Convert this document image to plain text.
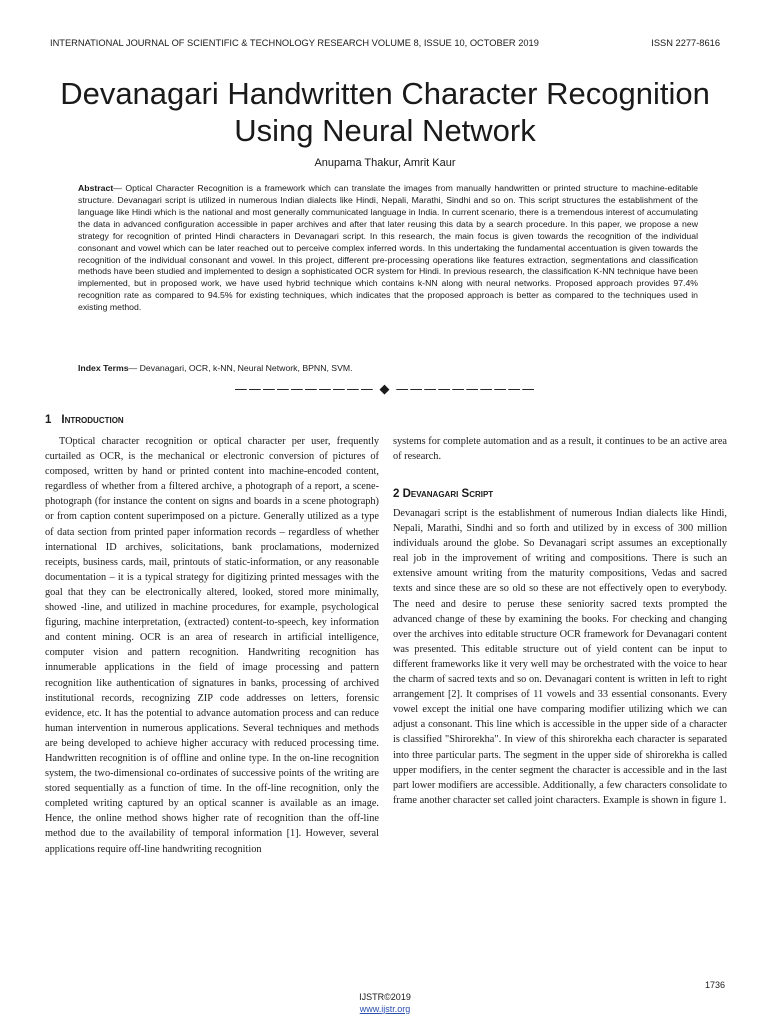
INTERNATIONAL JOURNAL OF SCIENTIFIC & TECHNOLOGY RESEARCH VOLUME 8, ISSUE 10, OCTOBER 2019	ISSN 2277-8616
Devanagari Handwritten Character Recognition
Using Neural Network
Anupama Thakur, Amrit Kaur

Abstract— Optical Character Recognition is a framework which can translate the images from manually handwritten or printed structure to machine-editable structure. Devanagari script is utilized in numerous Indian dialects like Hindi, Nepali, Marathi, Sindhi and so on. This script structures the establishment of the language like Hindi which is the national and most generally communicated language in India. In current scenario, there is a tremendous interest of accumulating the data in advanced configuration accessible in paper archives and after that later reusing this data by a search procedure. In this paper, we propose a new strategy for recognition of printed Hindi characters in Devanagari script. In this research, the main focus is given towards the recognition of the individual consonant and vowel which can be later reached out to perceive complex inferred words. In this undertaking the fundamental accentuation is given towards the recognition of the individual consonant and vowel. In this project, different pre-processing operations like features extraction, segmentations and classification methods have been studied and implemented to design a sophisticated OCR system for Hindi. In previous research, the classification K-NN technique have been implemented, but in proposed work, we have used hybrid technique which contains k-NN along with neural networks. Proposed approach provides 97.4% recognition rate as compared to 94.5% for existing techniques, which indicates that the proposed approach is better as compared to the techniques used in existing method.

Index Terms— Devanagari, OCR, k-NN, Neural Network, BPNN, SVM.

—————————— ◆ ——————————
1 Introduction

TOptical character recognition or optical character per user, frequently curtailed as OCR, is the mechanical or electronic conversion of pictures of composed, written by hand or printed content into machine-encoded content, regardless of whether from a filtered archive, a photograph of a report, a scene-photograph (for instance the content on signs and boards in a scene photograph) or from caption content superimposed on a picture. Generally utilized as a type of data section from printed paper information records – regardless of whether international ID archives, solicitations, bank proclamations, modernized receipts, business cards, mail, printouts of static-information, or any reasonable documentation – it is a typical strategy for digitizing printed messages with the goal that they can be electronically altered, looked, stored more minimally, showed -line, and utilized in machine procedures, for example, psychological figuring, machine interpretation, (extracted) content-to-speech, key information and content mining. OCR is an area of research in artificial intelligence, computer vision and pattern recognition. Handwriting recognition has innumerable applications in the field of image processing and pattern recognition like authentication of signatures in banks, processing of archived institutional records, recognizing ZIP code addresses on letters, forensic evidence, etc. It has the potential to advance automation process and can reduce human intervention in numerous applications. Several techniques and methods are being developed to achieve higher accuracy with reduced processing time. Handwritten recognition is of offline and online type. In the on-line recognition system, the two-dimensional co-ordinates of successive points of the writing are stored sequentially as a function of time. In the off-line recognition, only the completed writing captured by an optical scanner is available as an image. Hence, the online method shows higher rate of recognition than the off-line method due to the availability of temporal information [1]. However, several applications require off-line handwriting recognition

systems for complete automation and as a result, it continues to be an active area of research.

2 Devanagari Script

Devanagari script is the establishment of numerous Indian dialects like Hindi, Nepali, Marathi, Sindhi and so forth and utilized by in excess of 300 million individuals around the globe. So Devanagari script assumes an exceptionally real job in the improvement of writing and compositions. There is such an extensive amount writing from the maturity compositions, Vedas and sacred texts and since these are so old so these are not effectively open to everybody. The need and desire to peruse these seniority sacred texts prompted the advanced change of these by examining the books. For checking and changing over the archives into editable structure OCR framework for Devanagari content was presented. This editable structure out of yield content can be input to different frameworks like it very well may be orchestrated with the voice to hear the charm of sacred texts and so on. Devanagari content is written in left to right arrangement [2]. It comprises of 11 vowels and 33 essential consonants. Every vowel except the initial one have comparing modifier utilizing which we can adjust a consonant. This line which is accessible in the upper side of a character is classified "Shirorekha". In view of this shirorekha each character is separated into three particular parts. The segment in the upper side of shirorekha is called upper modifiers, in the center segment the character is accessible and in the last part lower modifiers are accessible. Additionally, a few characters consolidate to frame another character set called joint characters. Example is shown in figure 1.

1736
IJSTR©2019
www.ijstr.org
